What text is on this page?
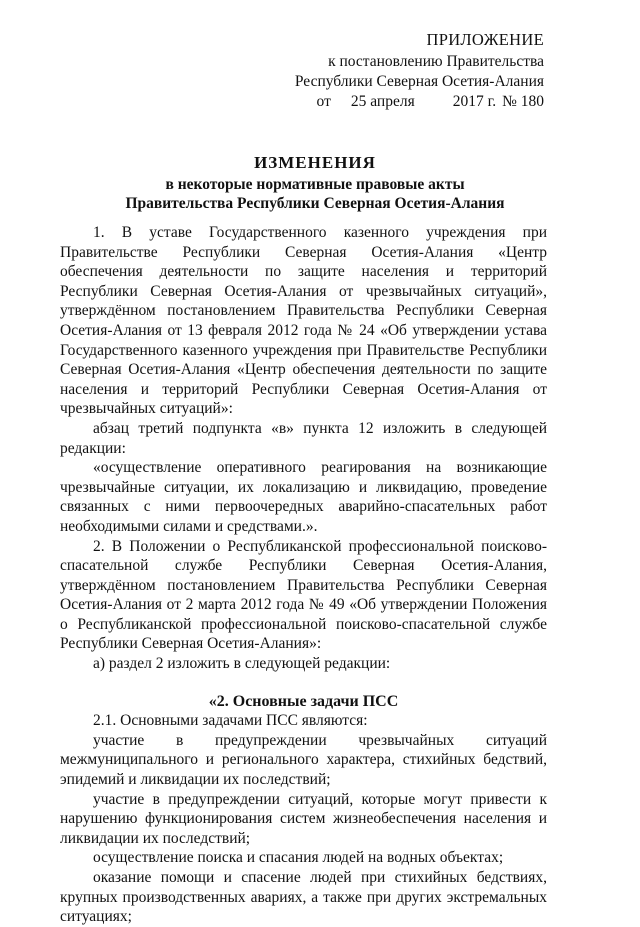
ПРИЛОЖЕНИЕ
к постановлению Правительства
Республики Северная Осетия-Алания
от 25 апреля 2017 г. № 180
ИЗМЕНЕНИЯ
в некоторые нормативные правовые акты
Правительства Республики Северная Осетия-Алания

1. В уставе Государственного казенного учреждения при Правительстве Республики Северная Осетия-Алания «Центр обеспечения деятельности по защите населения и территорий Республики Северная Осетия-Алания от чрезвычайных ситуаций», утверждённом постановлением Правительства Республики Северная Осетия-Алания от 13 февраля 2012 года № 24 «Об утверждении устава Государственного казенного учреждения при Правительстве Республики Северная Осетия-Алания «Центр обеспечения деятельности по защите населения и территорий Республики Северная Осетия-Алания от чрезвычайных ситуаций»:

абзац третий подпункта «в» пункта 12 изложить в следующей редакции:

«осуществление оперативного реагирования на возникающие чрезвычайные ситуации, их локализацию и ликвидацию, проведение связанных с ними первоочередных аварийно-спасательных работ необходимыми силами и средствами.».

2. В Положении о Республиканской профессиональной поисково-спасательной службе Республики Северная Осетия-Алания, утверждённом постановлением Правительства Республики Северная Осетия-Алания от 2 марта 2012 года № 49 «Об утверждении Положения о Республиканской профессиональной поисково-спасательной службе Республики Северная Осетия-Алания»:

а) раздел 2 изложить в следующей редакции:

«2. Основные задачи ПСС

2.1. Основными задачами ПСС являются:

участие в предупреждении чрезвычайных ситуаций межмуниципального и регионального характера, стихийных бедствий, эпидемий и ликвидации их последствий;

участие в предупреждении ситуаций, которые могут привести к нарушению функционирования систем жизнеобеспечения населения и ликвидации их последствий;

осуществление поиска и спасания людей на водных объектах;

оказание помощи и спасение людей при стихийных бедствиях, крупных производственных авариях, а также при других экстремальных ситуациях;
